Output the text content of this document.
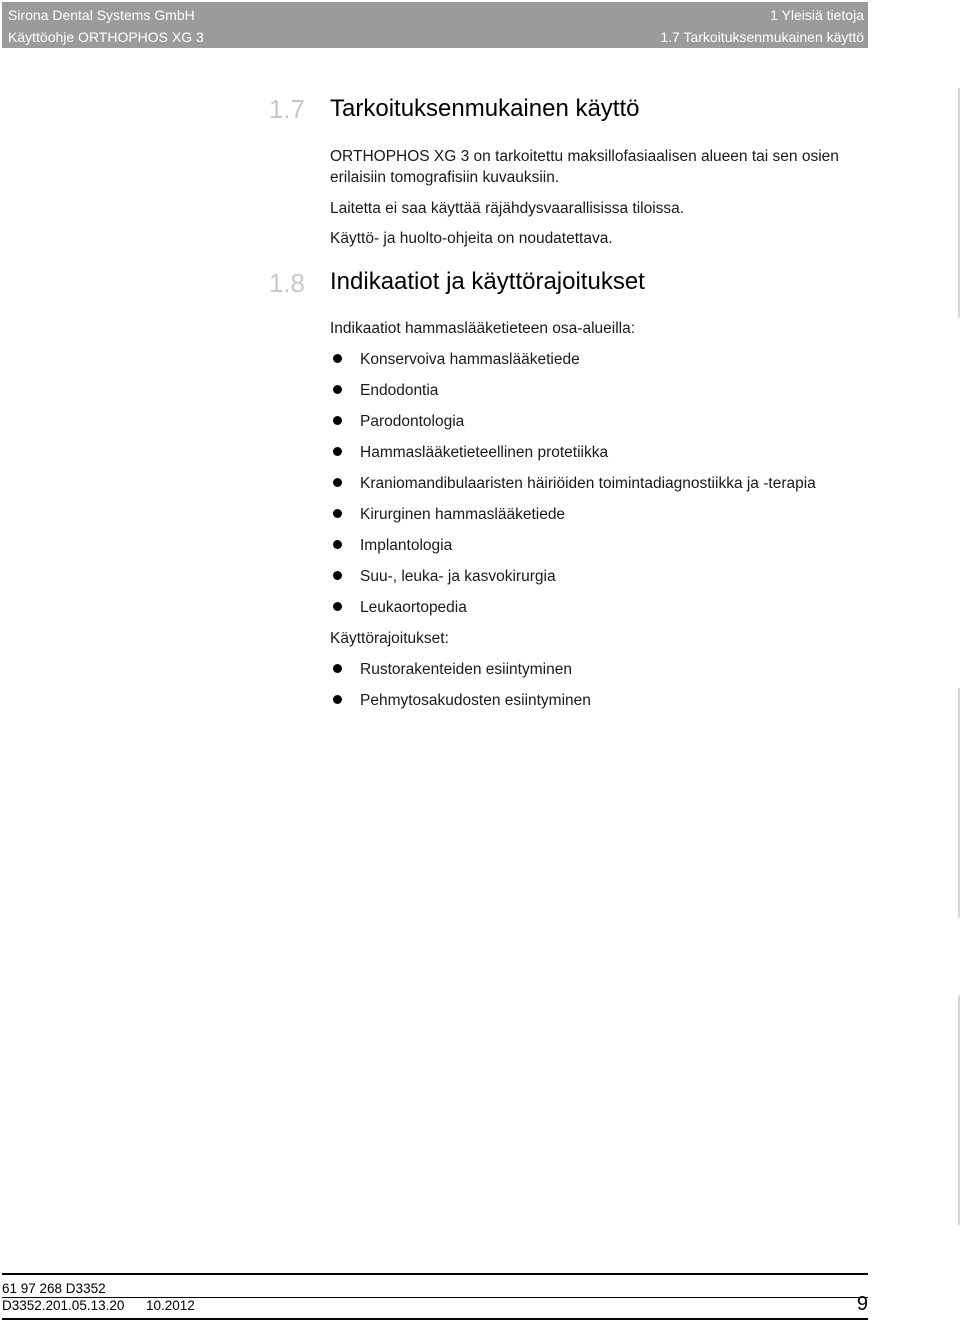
Sirona Dental Systems GmbH
Käyttöohje ORTHOPHOS XG 3
1 Yleisiä tietoja
1.7 Tarkoituksenmukainen käyttö
1.7 Tarkoituksenmukainen käyttö
ORTHOPHOS XG 3 on tarkoitettu maksillofasiaalisen alueen tai sen osien erilaisiin tomografisiin kuvauksiin.
Laitetta ei saa käyttää räjähdysvaarallisissa tiloissa.
Käyttö- ja huolto-ohjeita on noudatettava.
1.8 Indikaatiot ja käyttörajoitukset
Indikaatiot hammaslääketieteen osa-alueilla:
Konservoiva hammaslääketiede
Endodontia
Parodontologia
Hammaslääketieteellinen protetiikka
Kraniomandibulaaristen häiriöiden toimintadiagnostiikka ja -terapia
Kirurginen hammaslääketiede
Implantologia
Suu-, leuka- ja kasvokirurgia
Leukaortopedia
Käyttörajoitukset:
Rustorakenteiden esiintyminen
Pehmytosakudosten esiintyminen
61 97 268 D3352
D3352.201.05.13.20 10.2012	9
